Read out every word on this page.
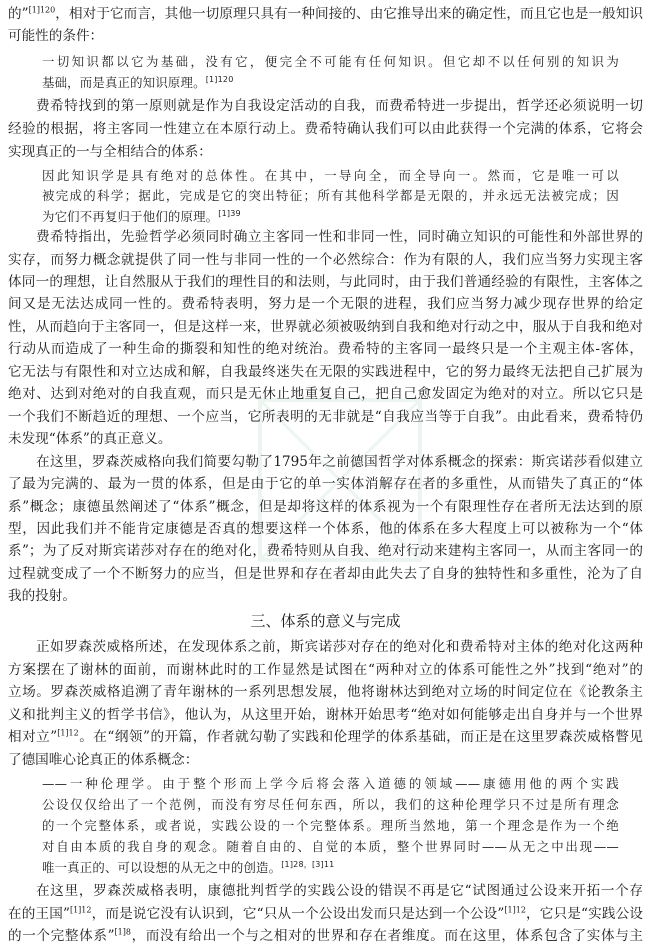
的”$^{[1]120}$，相对于它而言，其他一切原理只具有一种间接的、由它推导出来的确定性，而且它也是一般知识
可能性的条件：
一切知识都以它为基础，没有它，便完全不可能有任何知识。但它却不以任何别的知识为
基础，而是真正的知识原理。$^{[1]120}$
费希特找到的第一原则就是作为自我设定活动的自我，而费希特进一步提出，哲学还必须说明一切
经验的根据，将主客同一性建立在本原行动上。费希特确认我们可以由此获得一个完满的体系，它将会
实现真正的一与全相结合的体系：
因此知识学是具有绝对的总体性。在其中，一导向全，而全导向一。然而，它是唯一可以
被完成的科学；据此，完成是它的突出特征；所有其他科学都是无限的，并永远无法被完成；因
为它们不再复归于他们的原理。$^{[1]39}$
费希特指出，先验哲学必须同时确立主客同一性和非同一性，同时确立知识的可能性和外部世界的
实存，而努力概念就提供了同一性与非同一性的一个必然综合：作为有限的人，我们应当努力实现主客
体同一的理想，让自然服从于我们的理性目的和法则，与此同时，由于我们普通经验的有限性，主客体之
间又是无法达成同一性的。费希特表明，努力是一个无限的进程，我们应当努力减少现存世界的给定
性，从而趋向于主客同一，但是这样一来，世界就必须被吸纳到自我和绝对行动之中，服从于自我和绝对
行动从而造成了一种生命的撕裂和知性的绝对统治。费希特的主客同一最终只是一个主观主体-客体，
它无法与有限性和对立达成和解，自我最终迷失在无限的实践进程中，它的努力最终无法把自己扩展为
绝对、达到对绝对的自我直观，而只是无休止地重复自己，把自己愈发固定为绝对的对立。所以它只是
一个我们不断趋近的理想、一个应当，它所表明的无非就是“自我应当等于自我”。由此看来，费希特仍
未发现“体系”的真正意义。
在这里，罗森茨威格向我们简要勾勒了1795年之前德国哲学对体系概念的探索：斯宾诺莎看似建立
了最为完满的、最为一贯的体系，但是由于它的单一实体消解存在者的多重性，从而错失了真正的“体
系”概念；康德虽然阐述了“体系”概念，但是却将这样的体系视为一个有限理性存在者所无法达到的原
型，因此我们并不能肯定康德是否真的想要这样一个体系，他的体系在多大程度上可以被称为一个“体
系”；为了反对斯宾诺莎对存在的绝对化，费希特则从自我、绝对行动来建构主客同一，从而主客同一的
过程就变成了一个不断努力的应当，但是世界和存在者却由此失去了自身的独特性和多重性，沦为了自
我的投射。
三、体系的意义与完成
正如罗森茨威格所述，在发现体系之前，斯宾诺莎对存在的绝对化和费希特对主体的绝对化这两种
方案摆在了谢林的面前，而谢林此时的工作显然是试图在“两种对立的体系可能性之外”找到“绝对”的
立场。罗森茨威格追溯了青年谢林的一系列思想发展，他将谢林达到绝对立场的时间定位在《论教条主
义和批判主义的哲学书信》，他认为，从这里开始，谢林开始思考“绝对如何能够走出自身并与一个世界
相对立”$^{[1]12}$。在“纲领”的开篇，作者就勾勒了实践和伦理学的体系基础，而正是在这里罗森茨威格瞥见
了德国唯心论真正的体系概念：
——一种伦理学。由于整个形而上学今后将会落入道德的领域——康德用他的两个实践
公设仅仅给出了一个范例，而没有穷尽任何东西，所以，我们的这种伦理学只不过是所有理念
的一个完整体系，或者说，实践公设的一个完整体系。理所当然地，第一个理念是作为一个绝
对自由本质的我自身的观念。随着自由的、自觉的本质，整个世界同时——从无之中出现——
唯一真正的、可以设想的从无之中的创造。$^{[1]28,[3]11}$
在这里，罗森茨威格表明，康德批判哲学的实践公设的错误不再是它“试图通过公设来开拓一个存
在的王国”$^{[1]12}$，而是说它没有认识到，它“只从一个公设出发而只是达到一个公设”$^{[1]12}$，它只是“实践公设
的一个完整体系”$^{[1]8}$，而没有给出一个与之相对的世界和存在者维度。而在这里，体系包含了实体与主
